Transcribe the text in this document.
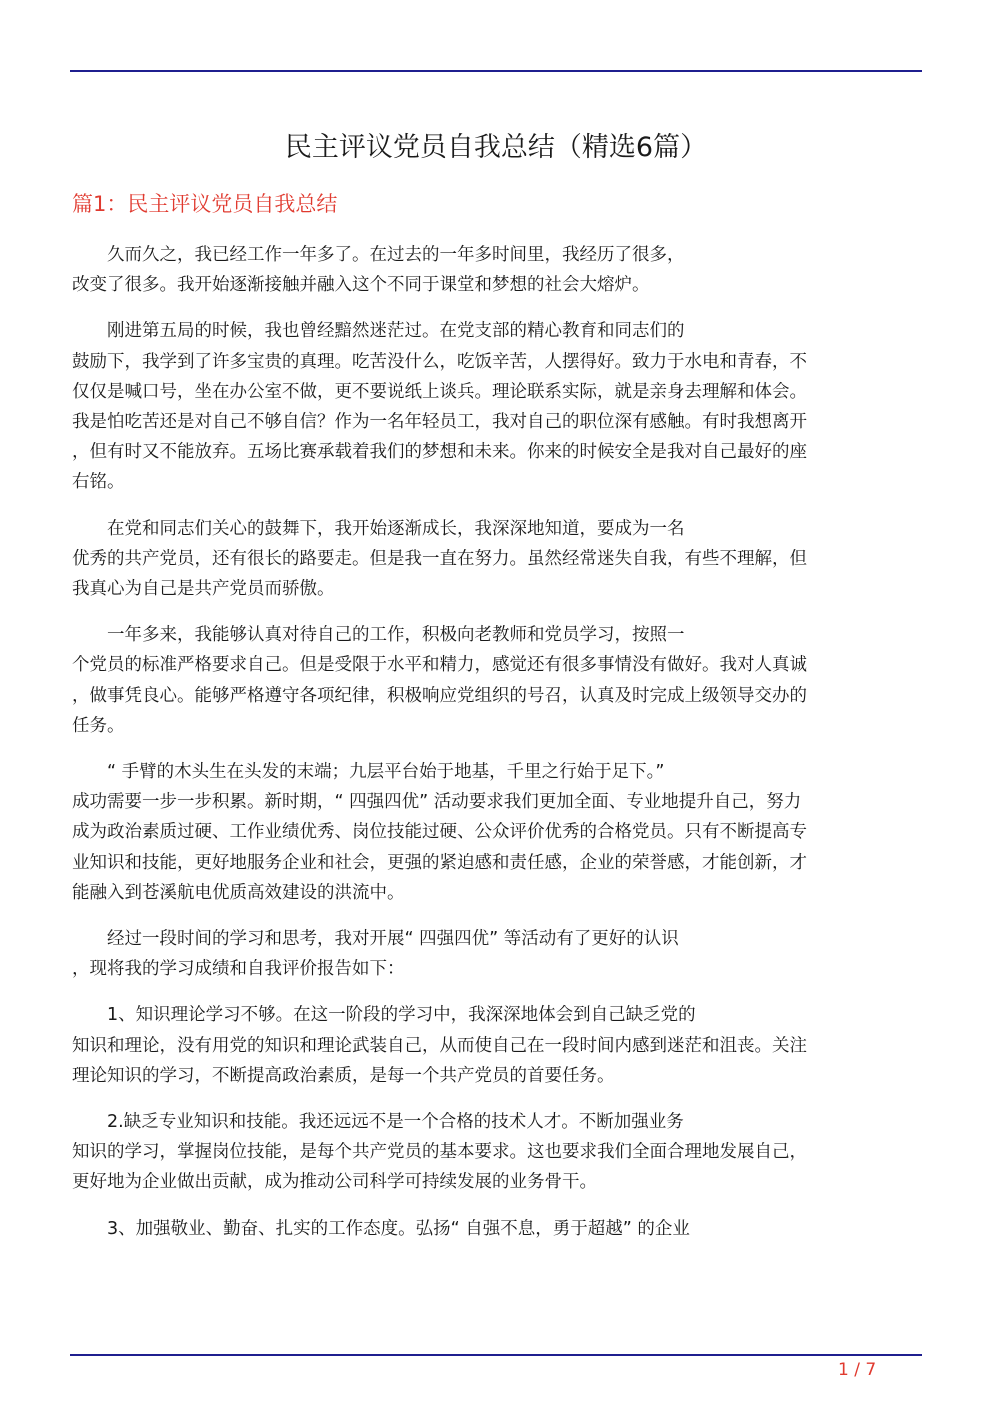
民主评议党员自我总结（精选6篇）
篇1：民主评议党员自我总结

　　久而久之，我已经工作一年多了。在过去的一年多时间里，我经历了很多，
改变了很多。我开始逐渐接触并融入这个不同于课堂和梦想的社会大熔炉。

　　刚进第五局的时候，我也曾经黯然迷茫过。在党支部的精心教育和同志们的
鼓励下，我学到了许多宝贵的真理。吃苦没什么，吃饭辛苦，人摆得好。致力于水电和青春，不
仅仅是喊口号，坐在办公室不做，更不要说纸上谈兵。理论联系实际，就是亲身去理解和体会。
我是怕吃苦还是对自己不够自信？作为一名年轻员工，我对自己的职位深有感触。有时我想离开
，但有时又不能放弃。五场比赛承载着我们的梦想和未来。你来的时候安全是我对自己最好的座
右铭。

　　在党和同志们关心的鼓舞下，我开始逐渐成长，我深深地知道，要成为一名
优秀的共产党员，还有很长的路要走。但是我一直在努力。虽然经常迷失自我，有些不理解，但
我真心为自己是共产党员而骄傲。

　　一年多来，我能够认真对待自己的工作，积极向老教师和党员学习，按照一
个党员的标准严格要求自己。但是受限于水平和精力，感觉还有很多事情没有做好。我对人真诚
，做事凭良心。能够严格遵守各项纪律，积极响应党组织的号召，认真及时完成上级领导交办的
任务。

　　“ 手臂的木头生在头发的末端；九层平台始于地基，千里之行始于足下。”
成功需要一步一步积累。新时期，“ 四强四优” 活动要求我们更加全面、专业地提升自己，努力
成为政治素质过硬、工作业绩优秀、岗位技能过硬、公众评价优秀的合格党员。只有不断提高专
业知识和技能，更好地服务企业和社会，更强的紧迫感和责任感，企业的荣誉感，才能创新，才
能融入到苍溪航电优质高效建设的洪流中。

　　经过一段时间的学习和思考，我对开展“ 四强四优” 等活动有了更好的认识
，现将我的学习成绩和自我评价报告如下：

　　1、知识理论学习不够。在这一阶段的学习中，我深深地体会到自己缺乏党的
知识和理论，没有用党的知识和理论武装自己，从而使自己在一段时间内感到迷茫和沮丧。关注
理论知识的学习，不断提高政治素质，是每一个共产党员的首要任务。

　　2.缺乏专业知识和技能。我还远远不是一个合格的技术人才。不断加强业务
知识的学习，掌握岗位技能，是每个共产党员的基本要求。这也要求我们全面合理地发展自己，
更好地为企业做出贡献，成为推动公司科学可持续发展的业务骨干。

　　3、加强敬业、勤奋、扎实的工作态度。弘扬“ 自强不息，勇于超越” 的企业

1 / 7
